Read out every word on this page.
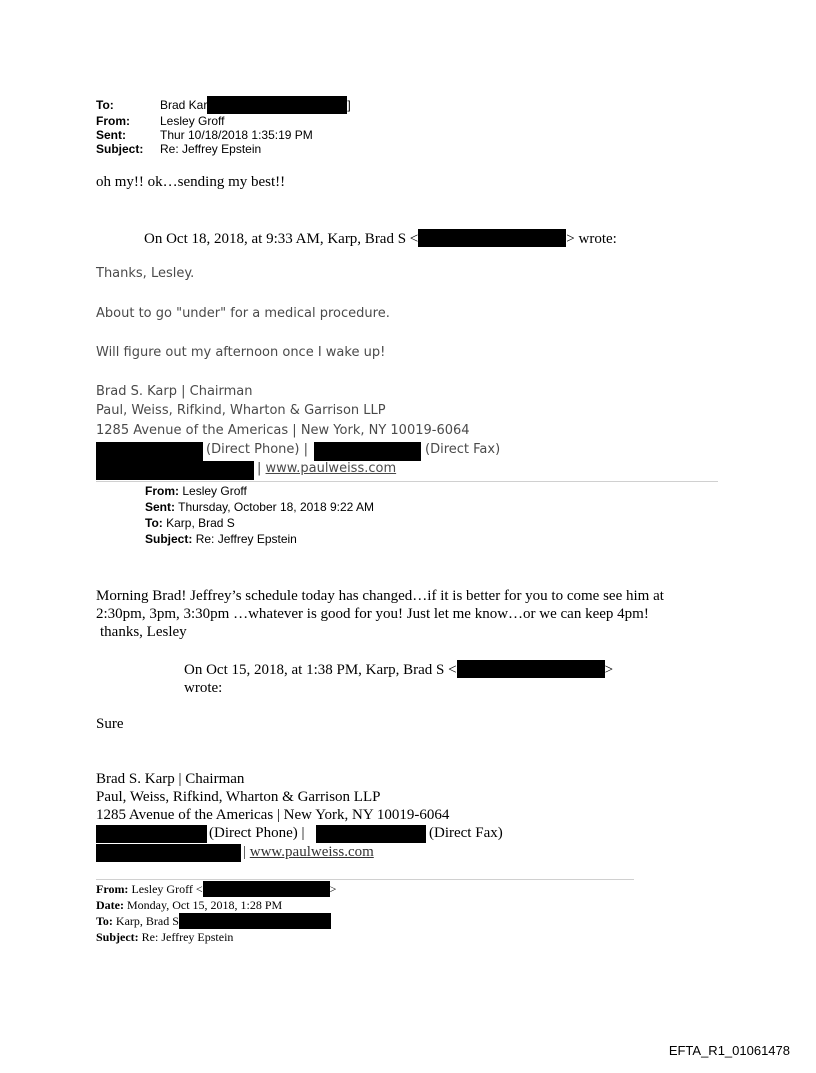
To:	Brad Kar	]
From:	Lesley Groff
Sent:	Thur 10/18/2018 1:35:19 PM
Subject: Re: Jeffrey Epstein
oh my!! ok…sending my best!!
On Oct 18, 2018, at 9:33 AM, Karp, Brad S <	> wrote:
Thanks, Lesley.
About to go "under" for a medical procedure.
Will figure out my afternoon once I wake up!
Brad S. Karp | Chairman
Paul, Weiss, Rifkind, Wharton & Garrison LLP
1285 Avenue of the Americas | New York, NY 10019-6064
(Direct Phone) |	(Direct Fax)
| www.paulweiss.com
From: Lesley Groff
Sent: Thursday, October 18, 2018 9:22 AM
To: Karp, Brad S
Subject: Re: Jeffrey Epstein
Morning Brad! Jeffrey’s schedule today has changed…if it is better for you to come see him at
2:30pm, 3pm, 3:30pm …whatever is good for you! Just let me know…or we can keep 4pm!
thanks, Lesley
On Oct 15, 2018, at 1:38 PM, Karp, Brad S <	>
wrote:
Sure
Brad S. Karp | Chairman
Paul, Weiss, Rifkind, Wharton & Garrison LLP
1285 Avenue of the Americas | New York, NY 10019-6064
(Direct Phone) |	(Direct Fax)
| www.paulweiss.com
From: Lesley Groff <	>
Date: Monday, Oct 15, 2018, 1:28 PM
To: Karp, Brad S
Subject: Re: Jeffrey Epstein
EFTA_R1_01061478
